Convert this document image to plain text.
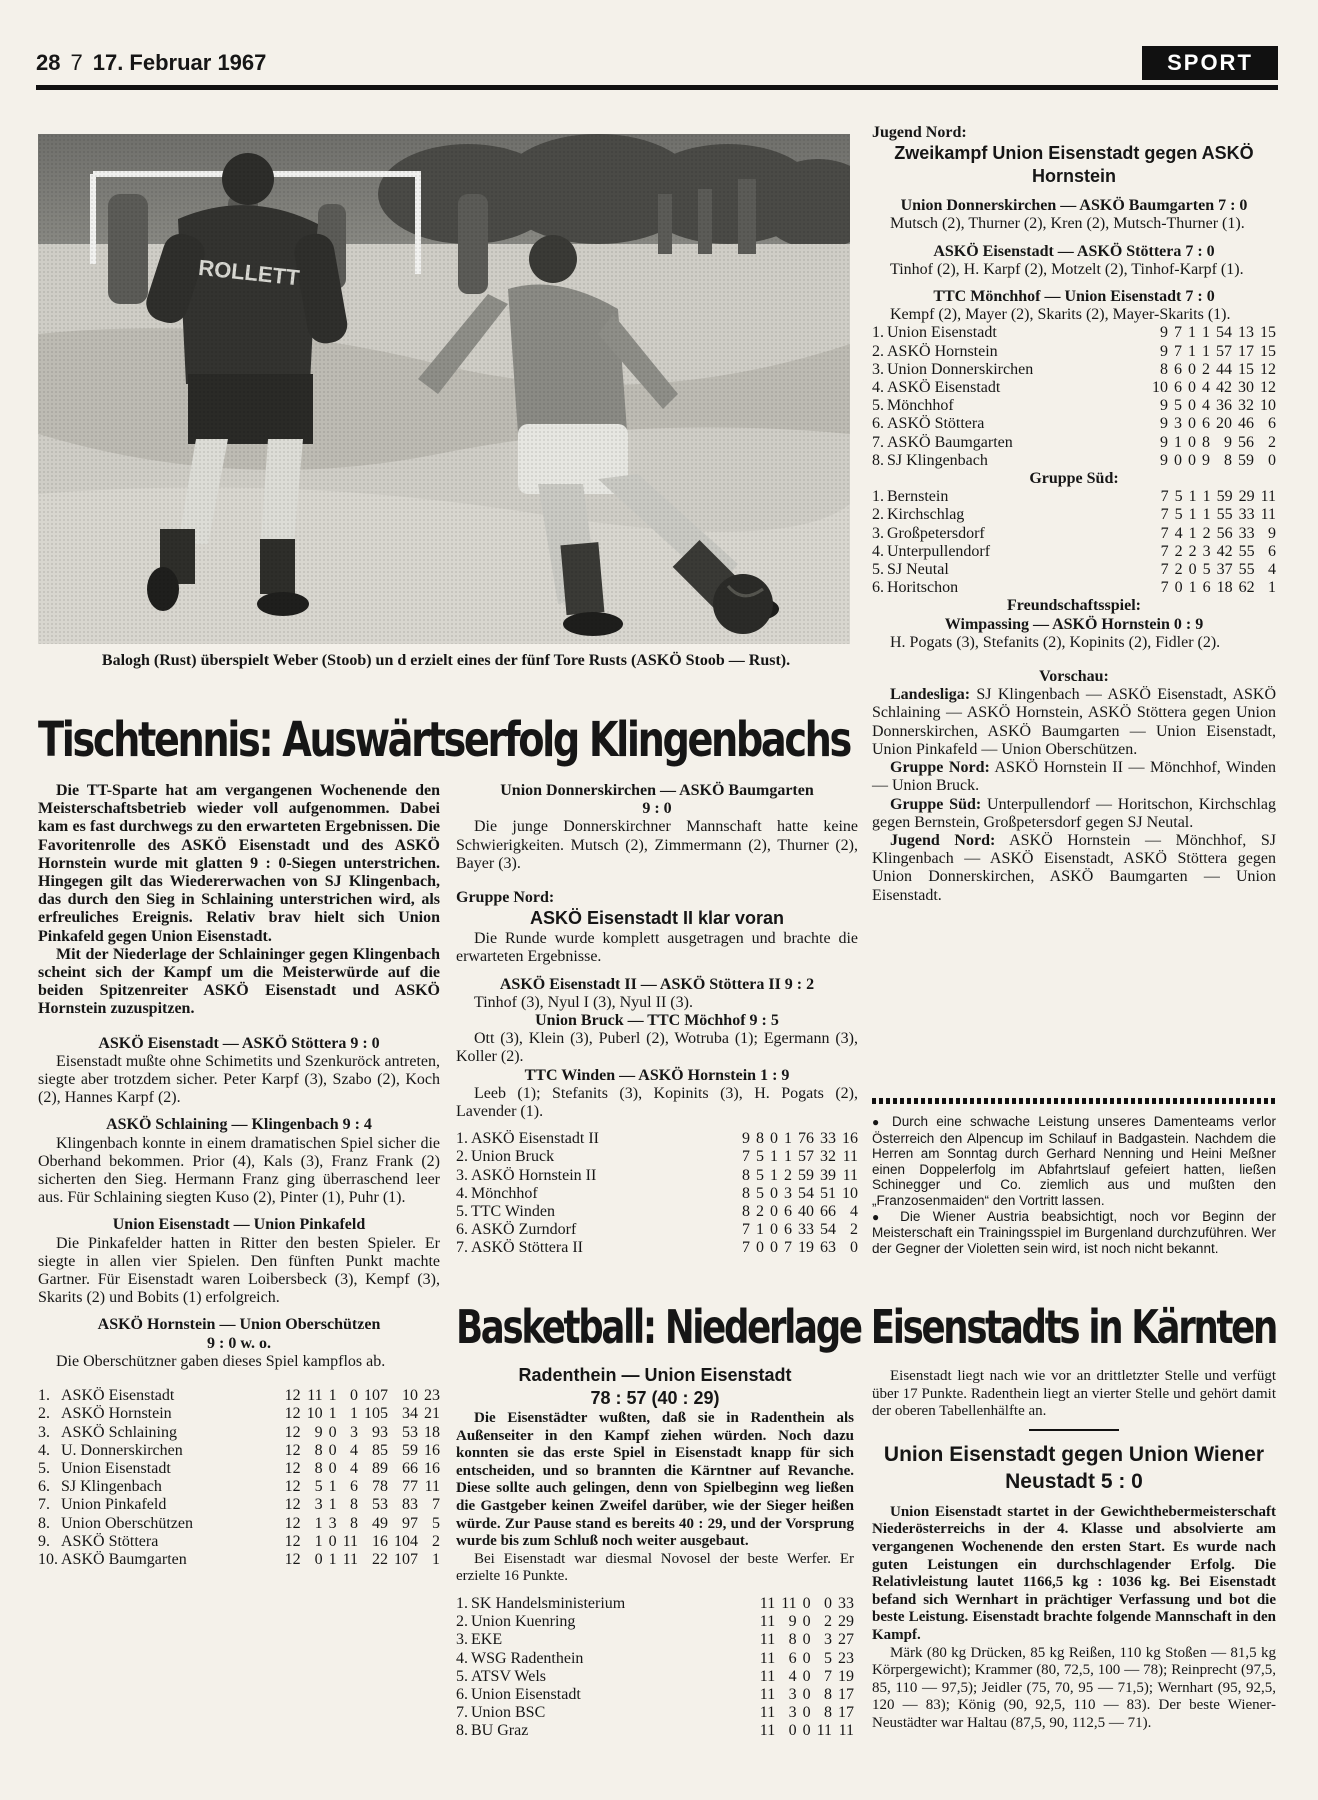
28 7 17. Februar 1967	SPORT
Balogh (Rust) überspielt Weber (Stoob) un d erzielt eines der fünf Tore Rusts (ASKÖ Stoob — Rust).
Tischtennis: Auswärtserfolg Klingenbachs

Die TT-Sparte hat am vergangenen Wochenende den Meisterschaftsbetrieb wieder voll aufgenommen. Dabei kam es fast durchwegs zu den erwarteten Ergebnissen. Die Favoritenrolle des ASKÖ Eisenstadt und des ASKÖ Hornstein wurde mit glatten 9 : 0-Siegen unterstrichen. Hingegen gilt das Wiedererwachen von SJ Klingenbach, das durch den Sieg in Schlaining unterstrichen wird, als erfreuliches Ereignis. Relativ brav hielt sich Union Pinkafeld gegen Union Eisenstadt.

Mit der Niederlage der Schlaininger gegen Klingenbach scheint sich der Kampf um die Meisterwürde auf die beiden Spitzenreiter ASKÖ Eisenstadt und ASKÖ Hornstein zuzuspitzen.

ASKÖ Eisenstadt — ASKÖ Stöttera 9 : 0

Eisenstadt mußte ohne Schimetits und Szenkuröck antreten, siegte aber trotzdem sicher. Peter Karpf (3), Szabo (2), Koch (2), Hannes Karpf (2).

ASKÖ Schlaining — Klingenbach 9 : 4

Klingenbach konnte in einem dramatischen Spiel sicher die Oberhand bekommen. Prior (4), Kals (3), Franz Frank (2) sicherten den Sieg. Hermann Franz ging überraschend leer aus. Für Schlaining siegten Kuso (2), Pinter (1), Puhr (1).

Union Eisenstadt — Union Pinkafeld

Die Pinkafelder hatten in Ritter den besten Spieler. Er siegte in allen vier Spielen. Den fünften Punkt machte Gartner. Für Eisenstadt waren Loibersbeck (3), Kempf (3), Skarits (2) und Bobits (1) erfolgreich.

ASKÖ Hornstein — Union Oberschützen

9 : 0 w. o.

Die Oberschützner gaben dieses Spiel kampflos ab.

1.	ASKÖ Eisenstadt	12	11	1	0	107	10	23
2.	ASKÖ Hornstein	12	10	1	1	105	34	21
3.	ASKÖ Schlaining	12	9	0	3	93	53	18
4.	U. Donnerskirchen	12	8	0	4	85	59	16
5.	Union Eisenstadt	12	8	0	4	89	66	16
6.	SJ Klingenbach	12	5	1	6	78	77	11
7.	Union Pinkafeld	12	3	1	8	53	83	7
8.	Union Oberschützen	12	1	3	8	49	97	5
9.	ASKÖ Stöttera	12	1	0	11	16	104	2
10.	ASKÖ Baumgarten	12	0	1	11	22	107	1

Union Donnerskirchen — ASKÖ Baumgarten

9 : 0

Die junge Donnerskirchner Mannschaft hatte keine Schwierigkeiten. Mutsch (2), Zimmermann (2), Thurner (2), Bayer (3).

Gruppe Nord:

ASKÖ Eisenstadt II klar voran

Die Runde wurde komplett ausgetragen und brachte die erwarteten Ergebnisse.

ASKÖ Eisenstadt II — ASKÖ Stöttera II 9 : 2

Tinhof (3), Nyul I (3), Nyul II (3).

Union Bruck — TTC Möchhof 9 : 5

Ott (3), Klein (3), Puberl (2), Wotruba (1); Egermann (3), Koller (2).

TTC Winden — ASKÖ Hornstein 1 : 9

Leeb (1); Stefanits (3), Kopinits (3), H. Pogats (2), Lavender (1).

1.	ASKÖ Eisenstadt II	9	8	0	1	76	33	16
2.	Union Bruck	7	5	1	1	57	32	11
3.	ASKÖ Hornstein II	8	5	1	2	59	39	11
4.	Mönchhof	8	5	0	3	54	51	10
5.	TTC Winden	8	2	0	6	40	66	4
6.	ASKÖ Zurndorf	7	1	0	6	33	54	2
7.	ASKÖ Stöttera II	7	0	0	7	19	63	0

Jugend Nord:

Zweikampf Union Eisenstadt gegen ASKÖ Hornstein

Union Donnerskirchen — ASKÖ Baumgarten 7 : 0

Mutsch (2), Thurner (2), Kren (2), Mutsch-Thurner (1).

ASKÖ Eisenstadt — ASKÖ Stöttera 7 : 0

Tinhof (2), H. Karpf (2), Motzelt (2), Tinhof-Karpf (1).

TTC Mönchhof — Union Eisenstadt 7 : 0

Kempf (2), Mayer (2), Skarits (2), Mayer-Skarits (1).

1.	Union Eisenstadt	9	7	1	1	54	13	15
2.	ASKÖ Hornstein	9	7	1	1	57	17	15
3.	Union Donnerskirchen	8	6	0	2	44	15	12
4.	ASKÖ Eisenstadt	10	6	0	4	42	30	12
5.	Mönchhof	9	5	0	4	36	32	10
6.	ASKÖ Stöttera	9	3	0	6	20	46	6
7.	ASKÖ Baumgarten	9	1	0	8	9	56	2
8.	SJ Klingenbach	9	0	0	9	8	59	0

Gruppe Süd:

1.	Bernstein	7	5	1	1	59	29	11
2.	Kirchschlag	7	5	1	1	55	33	11
3.	Großpetersdorf	7	4	1	2	56	33	9
4.	Unterpullendorf	7	2	2	3	42	55	6
5.	SJ Neutal	7	2	0	5	37	55	4
6.	Horitschon	7	0	1	6	18	62	1

Freundschaftsspiel:

Wimpassing — ASKÖ Hornstein 0 : 9

H. Pogats (3), Stefanits (2), Kopinits (2), Fidler (2).

Vorschau:

Landesliga: SJ Klingenbach — ASKÖ Eisenstadt, ASKÖ Schlaining — ASKÖ Hornstein, ASKÖ Stöttera gegen Union Donnerskirchen, ASKÖ Baumgarten — Union Eisenstadt, Union Pinkafeld — Union Oberschützen.

Gruppe Nord: ASKÖ Hornstein II — Mönchhof, Winden — Union Bruck.

Gruppe Süd: Unterpullendorf — Horitschon, Kirchschlag gegen Bernstein, Großpetersdorf gegen SJ Neutal.

Jugend Nord: ASKÖ Hornstein — Mönchhof, SJ Klingenbach — ASKÖ Eisenstadt, ASKÖ Stöttera gegen Union Donnerskirchen, ASKÖ Baumgarten — Union Eisenstadt.

● Durch eine schwache Leistung unseres Damenteams verlor Österreich den Alpencup im Schilauf in Badgastein. Nachdem die Herren am Sonntag durch Gerhard Nenning und Heini Meßner einen Doppelerfolg im Abfahrtslauf gefeiert hatten, ließen Schinegger und Co. ziemlich aus und mußten den „Franzosenmaiden“ den Vortritt lassen.

● Die Wiener Austria beabsichtigt, noch vor Beginn der Meisterschaft ein Trainingsspiel im Burgenland durchzuführen. Wer der Gegner der Violetten sein wird, ist noch nicht bekannt.

Basketball: Niederlage Eisenstadts in Kärnten

Radenthein — Union Eisenstadt

78 : 57 (40 : 29)

Die Eisenstädter wußten, daß sie in Radenthein als Außenseiter in den Kampf ziehen würden. Noch dazu konnten sie das erste Spiel in Eisenstadt knapp für sich entscheiden, und so brannten die Kärntner auf Revanche. Diese sollte auch gelingen, denn von Spielbeginn weg ließen die Gastgeber keinen Zweifel darüber, wie der Sieger heißen würde. Zur Pause stand es bereits 40 : 29, und der Vorsprung wurde bis zum Schluß noch weiter ausgebaut.

Bei Eisenstadt war diesmal Novosel der beste Werfer. Er erzielte 16 Punkte.

1.	SK Handelsministerium	11	11	0	0	33
2.	Union Kuenring	11	9	0	2	29
3.	EKE	11	8	0	3	27
4.	WSG Radenthein	11	6	0	5	23
5.	ATSV Wels	11	4	0	7	19
6.	Union Eisenstadt	11	3	0	8	17
7.	Union BSC	11	3	0	8	17
8.	BU Graz	11	0	0	11	11

Eisenstadt liegt nach wie vor an drittletzter Stelle und verfügt über 17 Punkte. Radenthein liegt an vierter Stelle und gehört damit der oberen Tabellenhälfte an.

Union Eisenstadt gegen Union Wiener Neustadt 5 : 0

Union Eisenstadt startet in der Gewichthebermeisterschaft Niederösterreichs in der 4. Klasse und absolvierte am vergangenen Wochenende den ersten Start. Es wurde nach guten Leistungen ein durchschlagender Erfolg. Die Relativleistung lautet 1166,5 kg : 1036 kg. Bei Eisenstadt befand sich Wernhart in prächtiger Verfassung und bot die beste Leistung. Eisenstadt brachte folgende Mannschaft in den Kampf.

Märk (80 kg Drücken, 85 kg Reißen, 110 kg Stoßen — 81,5 kg Körpergewicht); Krammer (80, 72,5, 100 — 78); Reinprecht (97,5, 85, 110 — 97,5); Jeidler (75, 70, 95 — 71,5); Wernhart (95, 92,5, 120 — 83); König (90, 92,5, 110 — 83). Der beste Wiener-Neustädter war Haltau (87,5, 90, 112,5 — 71).
